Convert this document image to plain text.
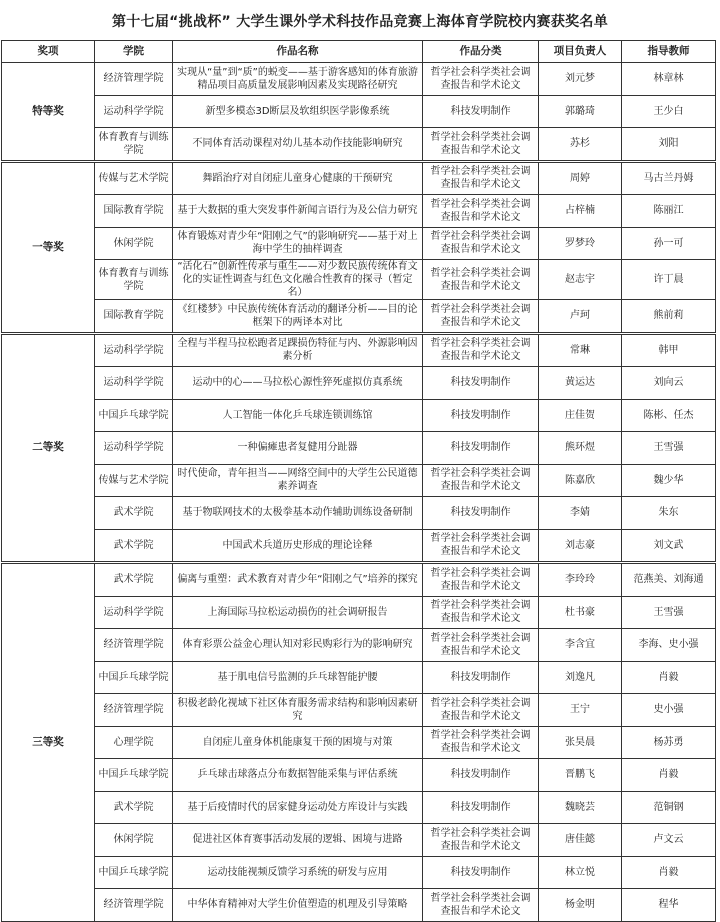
第十七届“挑战杯” 大学生课外学术科技作品竞赛上海体育学院校内赛获奖名单
奖项	学院	作品名称	作品分类	项目负责人	指导教师
特等奖	经济管理学院	实现从“量”到“质”的蜕变——基于游客感知的体育旅游精品项目高质量发展影响因素及实现路径研究	哲学社会科学类社会调查报告和学术论文	刘元梦	林章林
	运动科学学院	新型多模态3D断层及软组织医学影像系统	科技发明制作	郭璐琦	王少白
	体育教育与训练学院	不同体育活动课程对幼儿基本动作技能影响研究	哲学社会科学类社会调查报告和学术论文	苏杉	刘阳
一等奖	传媒与艺术学院	舞蹈治疗对自闭症儿童身心健康的干预研究	哲学社会科学类社会调查报告和学术论文	周婷	马古兰丹姆
	国际教育学院	基于大数据的重大突发事件新闻言语行为及公信力研究	哲学社会科学类社会调查报告和学术论文	占梓楠	陈丽江
	休闲学院	体育锻炼对青少年“阳刚之气”的影响研究——基于对上海中学生的抽样调查	哲学社会科学类社会调查报告和学术论文	罗梦玲	孙一可
	体育教育与训练学院	“活化石”创新性传承与重生——对少数民族传统体育文化的实证性调查与红色文化融合性教育的探寻（暂定名）	哲学社会科学类社会调查报告和学术论文	赵志宇	许丁晨
	国际教育学院	《红楼梦》中民族传统体育活动的翻译分析——目的论框架下的两译本对比	哲学社会科学类社会调查报告和学术论文	卢珂	熊前莉
二等奖	运动科学学院	全程与半程马拉松跑者足踝损伤特征与内、外源影响因素分析	哲学社会科学类社会调查报告和学术论文	常琳	韩甲
	运动科学学院	运动中的心——马拉松心源性猝死虚拟仿真系统	科技发明制作	黄运达	刘向云
	中国乒乓球学院	人工智能一体化乒乓球连锁训练馆	科技发明制作	庄佳贺	陈彬、任杰
	运动科学学院	一种偏瘫患者复健用分趾器	科技发明制作	熊环煜	王雪强
	传媒与艺术学院	时代使命，青年担当——网络空间中的大学生公民道德素养调查	哲学社会科学类社会调查报告和学术论文	陈嘉欣	魏少华
	武术学院	基于物联网技术的太极拳基本动作辅助训练设备研制	科技发明制作	李婧	朱东
	武术学院	中国武术兵道历史形成的理论诠释	哲学社会科学类社会调查报告和学术论文	刘志豪	刘文武
三等奖	武术学院	偏离与重塑：武术教育对青少年“阳刚之气”培养的探究	哲学社会科学类社会调查报告和学术论文	李玲玲	范燕美、刘海通
	运动科学学院	上海国际马拉松运动损伤的社会调研报告	哲学社会科学类社会调查报告和学术论文	杜书豪	王雪强
	经济管理学院	体育彩票公益金心理认知对彩民购彩行为的影响研究	哲学社会科学类社会调查报告和学术论文	李含宜	李海、史小强
	中国乒乓球学院	基于肌电信号监测的乒乓球智能护腰	科技发明制作	刘逸凡	肖毅
	经济管理学院	积极老龄化视域下社区体育服务需求结构和影响因素研究	哲学社会科学类社会调查报告和学术论文	王宁	史小强
	心理学院	自闭症儿童身体机能康复干预的困境与对策	哲学社会科学类社会调查报告和学术论文	张昊晨	杨苏勇
	中国乒乓球学院	乒乓球击球落点分布数据智能采集与评估系统	科技发明制作	晋鹏飞	肖毅
	武术学院	基于后疫情时代的居家健身运动处方库设计与实践	科技发明制作	魏晓芸	范铜钢
	休闲学院	促进社区体育赛事活动发展的逻辑、困境与进路	哲学社会科学类社会调查报告和学术论文	唐佳懿	卢文云
	中国乒乓球学院	运动技能视频反馈学习系统的研发与应用	科技发明制作	林立悦	肖毅
	经济管理学院	中华体育精神对大学生价值塑造的机理及引导策略	哲学社会科学类社会调查报告和学术论文	杨金明	程华
